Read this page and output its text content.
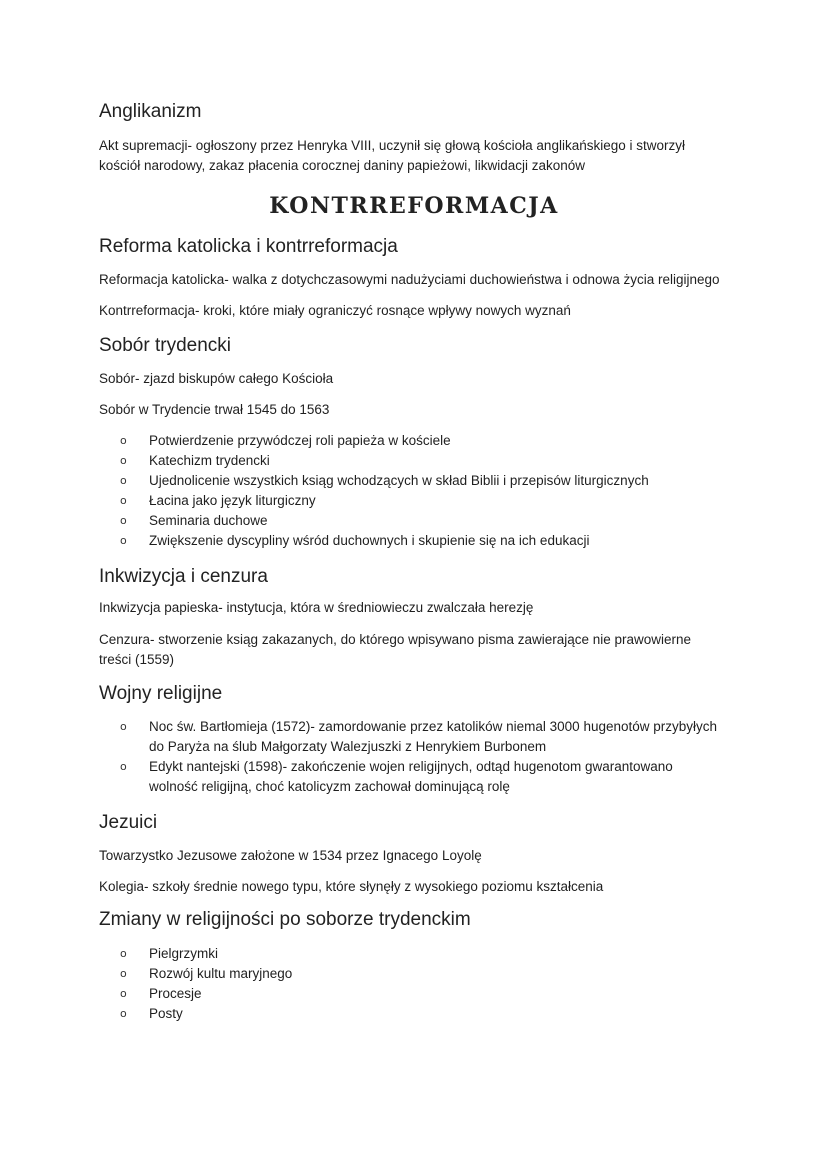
Anglikanizm

Akt supremacji- ogłoszony przez Henryka VIII, uczynił się głową kościoła anglikańskiego i stworzył

kościół narodowy, zakaz płacenia corocznej daniny papieżowi, likwidacji zakonów

KONTRREFORMACJA
Reforma katolicka i kontrreformacja

Reformacja katolicka- walka z dotychczasowymi nadużyciami duchowieństwa i odnowa życia religijnego

Kontrreformacja- kroki, które miały ograniczyć rosnące wpływy nowych wyznań

Sobór trydencki

Sobór- zjazd biskupów całego Kościoła

Sobór w Trydencie trwał 1545 do 1563

o Potwierdzenie przywódczej roli papieża w kościele
o Katechizm trydencki
o Ujednolicenie wszystkich ksiąg wchodzących w skład Biblii i przepisów liturgicznych
o Łacina jako język liturgiczny
o Seminaria duchowe
o Zwiększenie dyscypliny wśród duchownych i skupienie się na ich edukacji
Inkwizycja i cenzura

Inkwizycja papieska- instytucja, która w średniowieczu zwalczała herezję

Cenzura- stworzenie ksiąg zakazanych, do którego wpisywano pisma zawierające nie prawowierne

treści (1559)

Wojny religijne
o Noc św. Bartłomieja (1572)- zamordowanie przez katolików niemal 3000 hugenotów przybyłych
do Paryża na ślub Małgorzaty Walezjuszki z Henrykiem Burbonem
o Edykt nantejski (1598)- zakończenie wojen religijnych, odtąd hugenotom gwarantowano
wolność religijną, choć katolicyzm zachował dominującą rolę
Jezuici

Towarzystko Jezusowe założone w 1534 przez Ignacego Loyolę

Kolegia- szkoły średnie nowego typu, które słynęły z wysokiego poziomu kształcenia

Zmiany w religijności po soborze trydenckim
o Pielgrzymki
o Rozwój kultu maryjnego
o Procesje
o Posty
